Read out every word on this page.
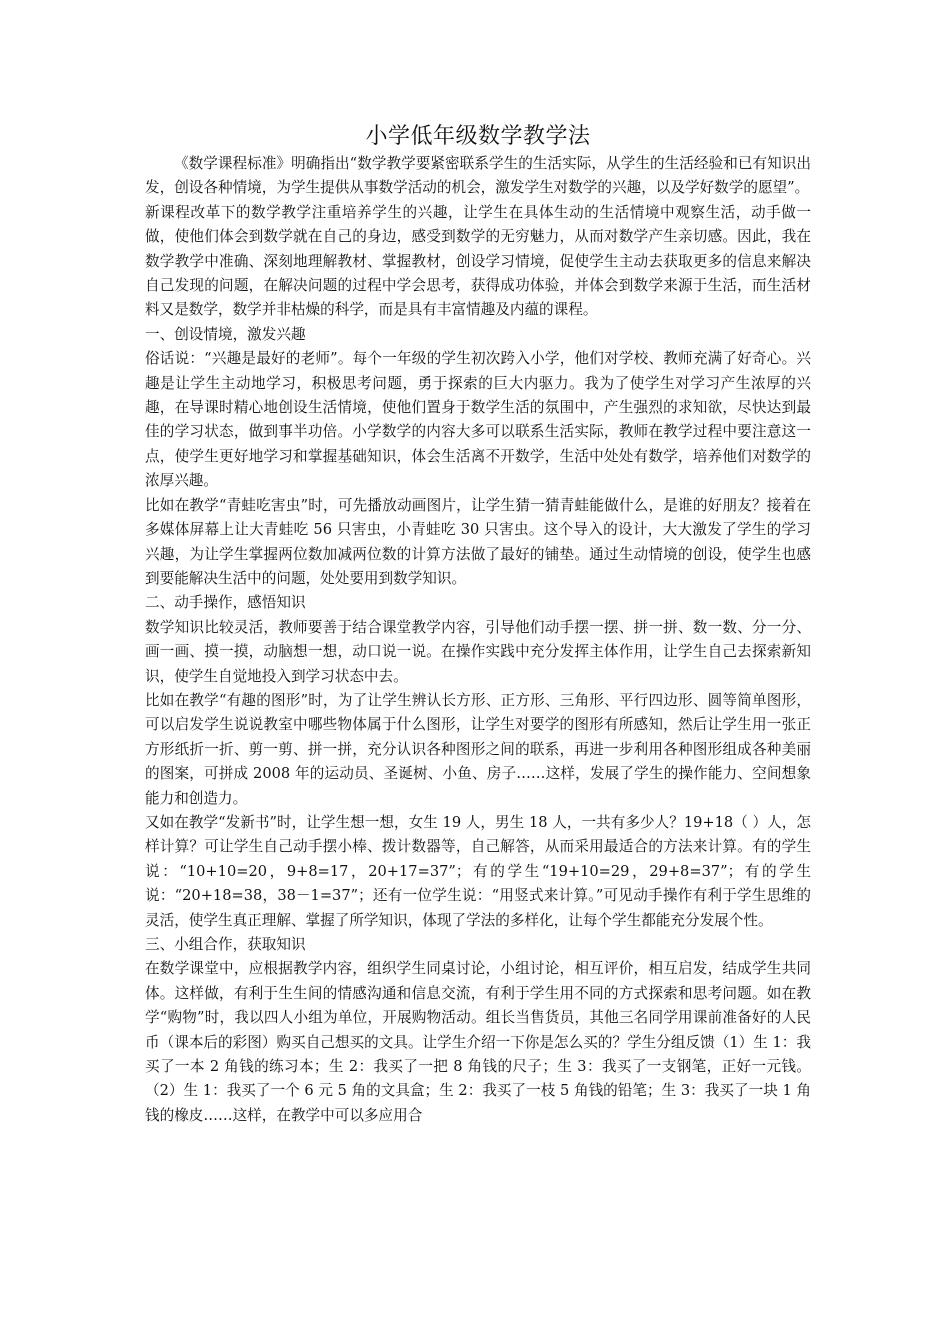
小学低年级数学教学法

《数学课程标准》明确指出“数学教学要紧密联系学生的生活实际，从学生的生活经验和已有知识出发，创设各种情境，为学生提供从事数学活动的机会，激发学生对数学的兴趣，以及学好数学的愿望”。

新课程改革下的数学教学注重培养学生的兴趣，让学生在具体生动的生活情境中观察生活，动手做一做，使他们体会到数学就在自己的身边，感受到数学的无穷魅力，从而对数学产生亲切感。因此，我在数学教学中准确、深刻地理解教材、掌握教材，创设学习情境，促使学生主动去获取更多的信息来解决自己发现的问题，在解决问题的过程中学会思考，获得成功体验，并体会到数学来源于生活，而生活材料又是数学，数学并非枯燥的科学，而是具有丰富情趣及内蕴的课程。

一、创设情境，激发兴趣

俗话说：“兴趣是最好的老师”。每个一年级的学生初次跨入小学，他们对学校、教师充满了好奇心。兴趣是让学生主动地学习，积极思考问题，勇于探索的巨大内驱力。我为了使学生对学习产生浓厚的兴趣，在导课时精心地创设生活情境，使他们置身于数学生活的氛围中，产生强烈的求知欲，尽快达到最佳的学习状态，做到事半功倍。小学数学的内容大多可以联系生活实际，教师在教学过程中要注意这一点，使学生更好地学习和掌握基础知识，体会生活离不开数学，生活中处处有数学，培养他们对数学的浓厚兴趣。

比如在教学“青蛙吃害虫”时，可先播放动画图片，让学生猜一猜青蛙能做什么，是谁的好朋友？接着在多媒体屏幕上让大青蛙吃 56 只害虫，小青蛙吃 30 只害虫。这个导入的设计，大大激发了学生的学习兴趣，为让学生掌握两位数加减两位数的计算方法做了最好的铺垫。通过生动情境的创设，使学生也感到要能解决生活中的问题，处处要用到数学知识。

二、动手操作，感悟知识

数学知识比较灵活，教师要善于结合课堂教学内容，引导他们动手摆一摆、拼一拼、数一数、分一分、画一画、摸一摸，动脑想一想，动口说一说。在操作实践中充分发挥主体作用，让学生自己去探索新知识，使学生自觉地投入到学习状态中去。

比如在教学“有趣的图形”时，为了让学生辨认长方形、正方形、三角形、平行四边形、圆等简单图形，可以启发学生说说教室中哪些物体属于什么图形，让学生对要学的图形有所感知，然后让学生用一张正方形纸折一折、剪一剪、拼一拼，充分认识各种图形之间的联系，再进一步利用各种图形组成各种美丽的图案，可拼成 2008 年的运动员、圣诞树、小鱼、房子……这样，发展了学生的操作能力、空间想象能力和创造力。

又如在教学“发新书”时，让学生想一想，女生 19 人，男生 18 人，一共有多少人？19+18（ ）人，怎样计算？可让学生自己动手摆小棒、拨计数器等，自己解答，从而采用最适合的方法来计算。有的学生说：“10+10=20，9+8=17，20+17=37”；有的学生“19+10=29，29+8=37”；有的学生说：“20+18=38，38－1=37”；还有一位学生说：“用竖式来计算。”可见动手操作有利于学生思维的灵活，使学生真正理解、掌握了所学知识，体现了学法的多样化，让每个学生都能充分发展个性。

三、小组合作，获取知识

在数学课堂中，应根据教学内容，组织学生同桌讨论，小组讨论，相互评价，相互启发，结成学生共同体。这样做，有利于生生间的情感沟通和信息交流，有利于学生用不同的方式探索和思考问题。如在教学“购物”时，我以四人小组为单位，开展购物活动。组长当售货员，其他三名同学用课前准备好的人民币（课本后的彩图）购买自己想买的文具。让学生介绍一下你是怎么买的？学生分组反馈（1）生 1：我买了一本 2 角钱的练习本；生 2：我买了一把 8 角钱的尺子；生 3：我买了一支钢笔，正好一元钱。（2）生 1：我买了一个 6 元 5 角的文具盒；生 2：我买了一枝 5 角钱的铅笔；生 3：我买了一块 1 角钱的橡皮……这样，在教学中可以多应用合
